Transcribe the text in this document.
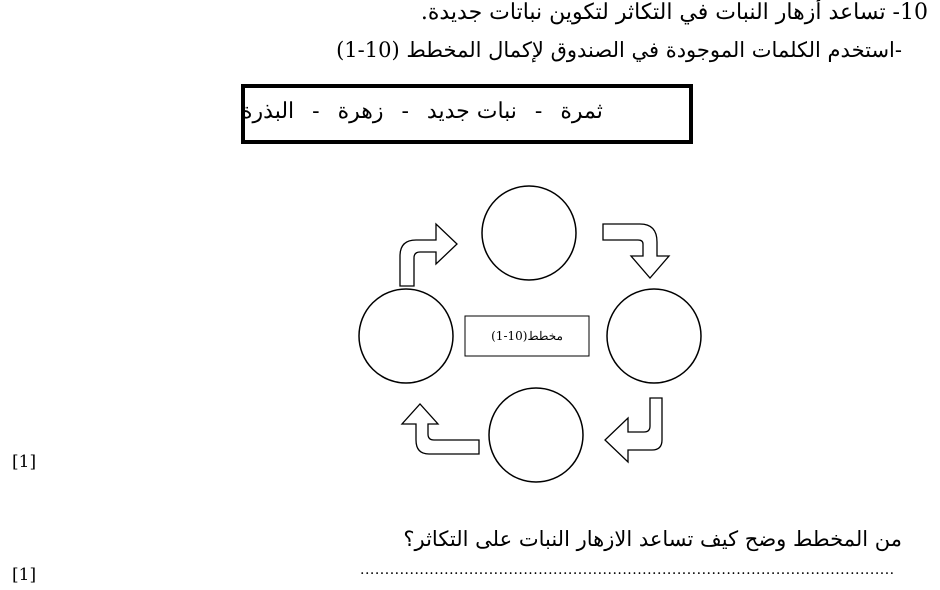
10- تساعد أزهار النبات في التكاثر لتكوين نباتات جديدة.
-استخدم الكلمات الموجودة في الصندوق لإكمال المخطط (10-1)
البذرة - زهرة - نبات جديد - ثمرة
مخطط(10-1)
[1]
من المخطط وضح كيف تساعد الازهار النبات على التكاثر؟
[1]	............................................................................................................
